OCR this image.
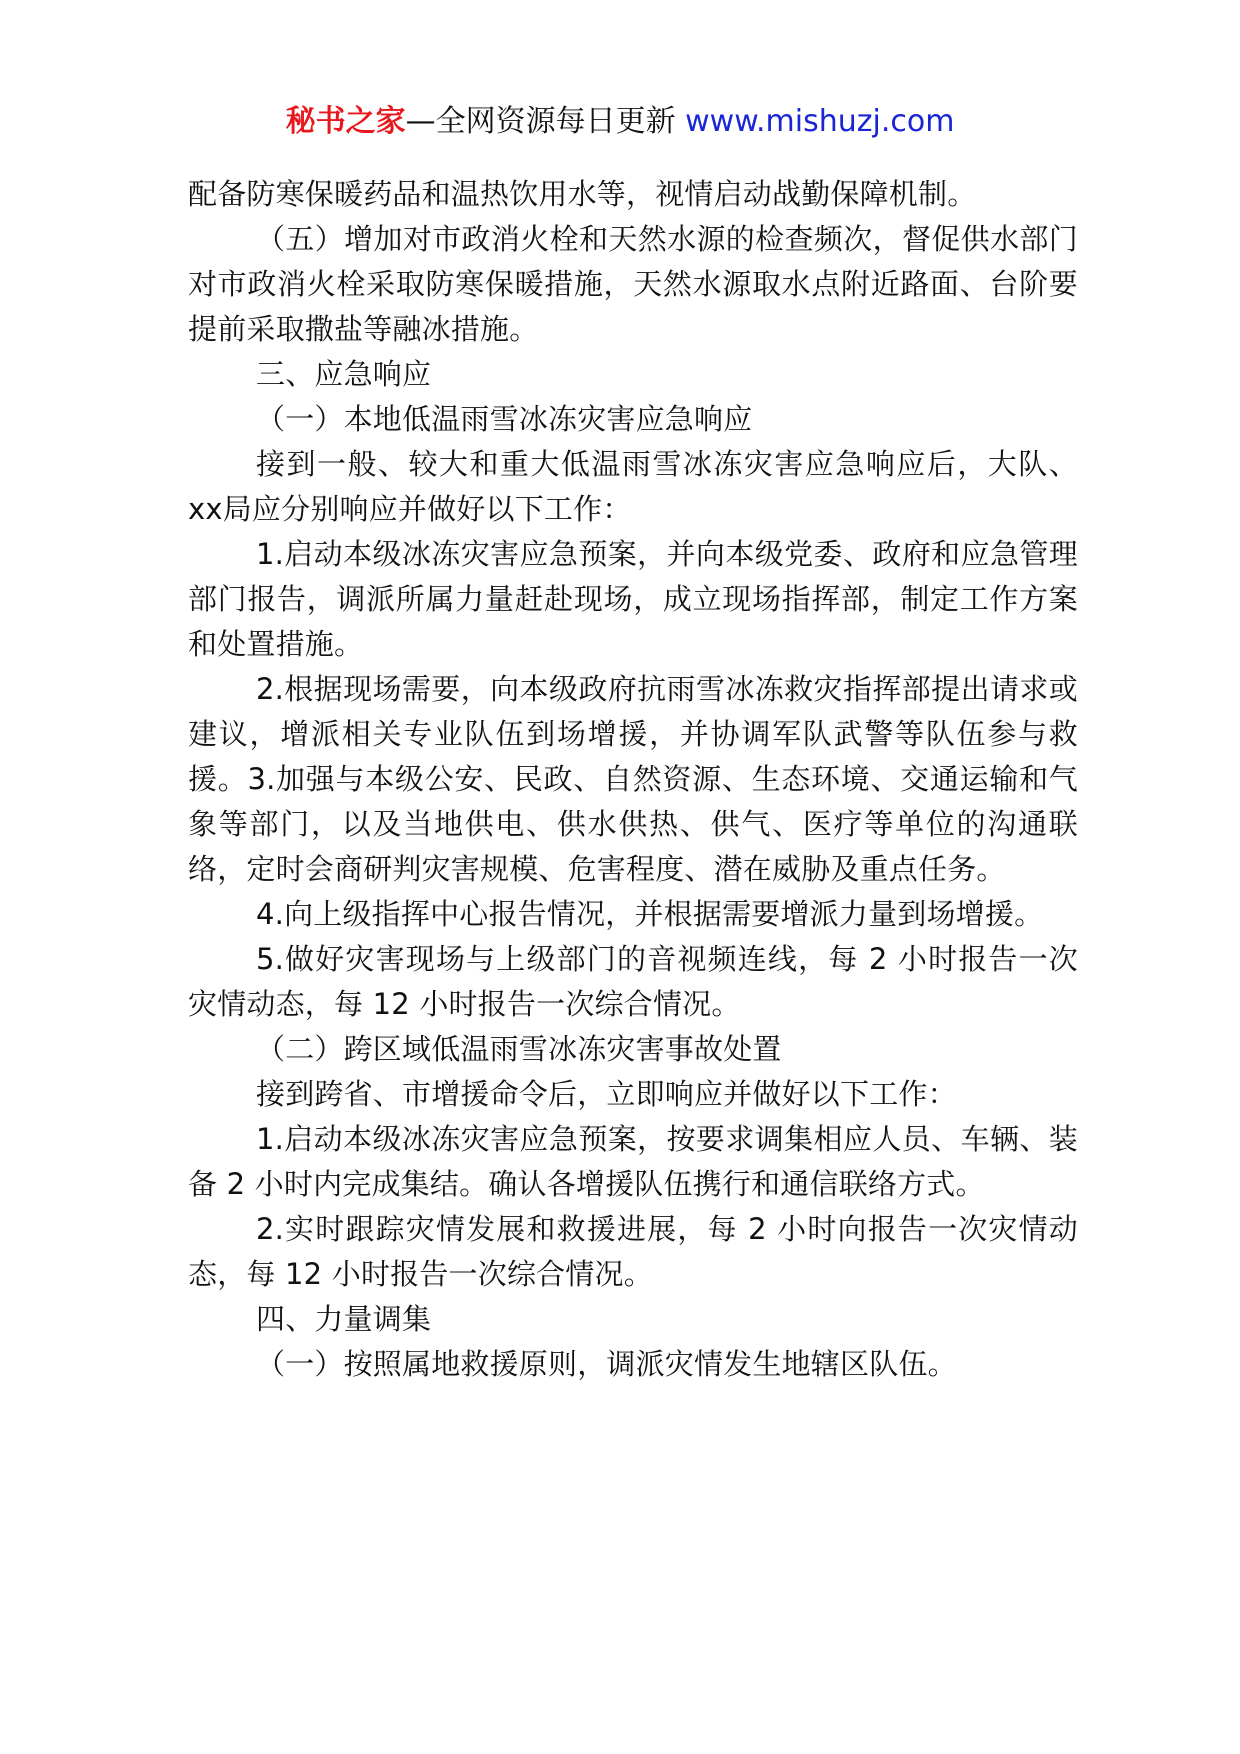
秘书之家—全网资源每日更新 www.mishuzj.com

配备防寒保暖药品和温热饮用水等，视情启动战勤保障机制。

（五）增加对市政消火栓和天然水源的检查频次，督促供水部门对市政消火栓采取防寒保暖措施，天然水源取水点附近路面、台阶要提前采取撒盐等融冰措施。

三、应急响应

（一）本地低温雨雪冰冻灾害应急响应

接到一般、较大和重大低温雨雪冰冻灾害应急响应后，大队、xx局应分别响应并做好以下工作：

1.启动本级冰冻灾害应急预案，并向本级党委、政府和应急管理部门报告，调派所属力量赶赴现场，成立现场指挥部，制定工作方案和处置措施。

2.根据现场需要，向本级政府抗雨雪冰冻救灾指挥部提出请求或建议，增派相关专业队伍到场增援，并协调军队武警等队伍参与救援。3.加强与本级公安、民政、自然资源、生态环境、交通运输和气象等部门，以及当地供电、供水供热、供气、医疗等单位的沟通联络，定时会商研判灾害规模、危害程度、潜在威胁及重点任务。

4.向上级指挥中心报告情况，并根据需要增派力量到场增援。

5.做好灾害现场与上级部门的音视频连线，每 2 小时报告一次灾情动态，每 12 小时报告一次综合情况。

（二）跨区域低温雨雪冰冻灾害事故处置

接到跨省、市增援命令后，立即响应并做好以下工作：

1.启动本级冰冻灾害应急预案，按要求调集相应人员、车辆、装备 2 小时内完成集结。确认各增援队伍携行和通信联络方式。

2.实时跟踪灾情发展和救援进展，每 2 小时向报告一次灾情动态，每 12 小时报告一次综合情况。

四、力量调集

（一）按照属地救援原则，调派灾情发生地辖区队伍。
